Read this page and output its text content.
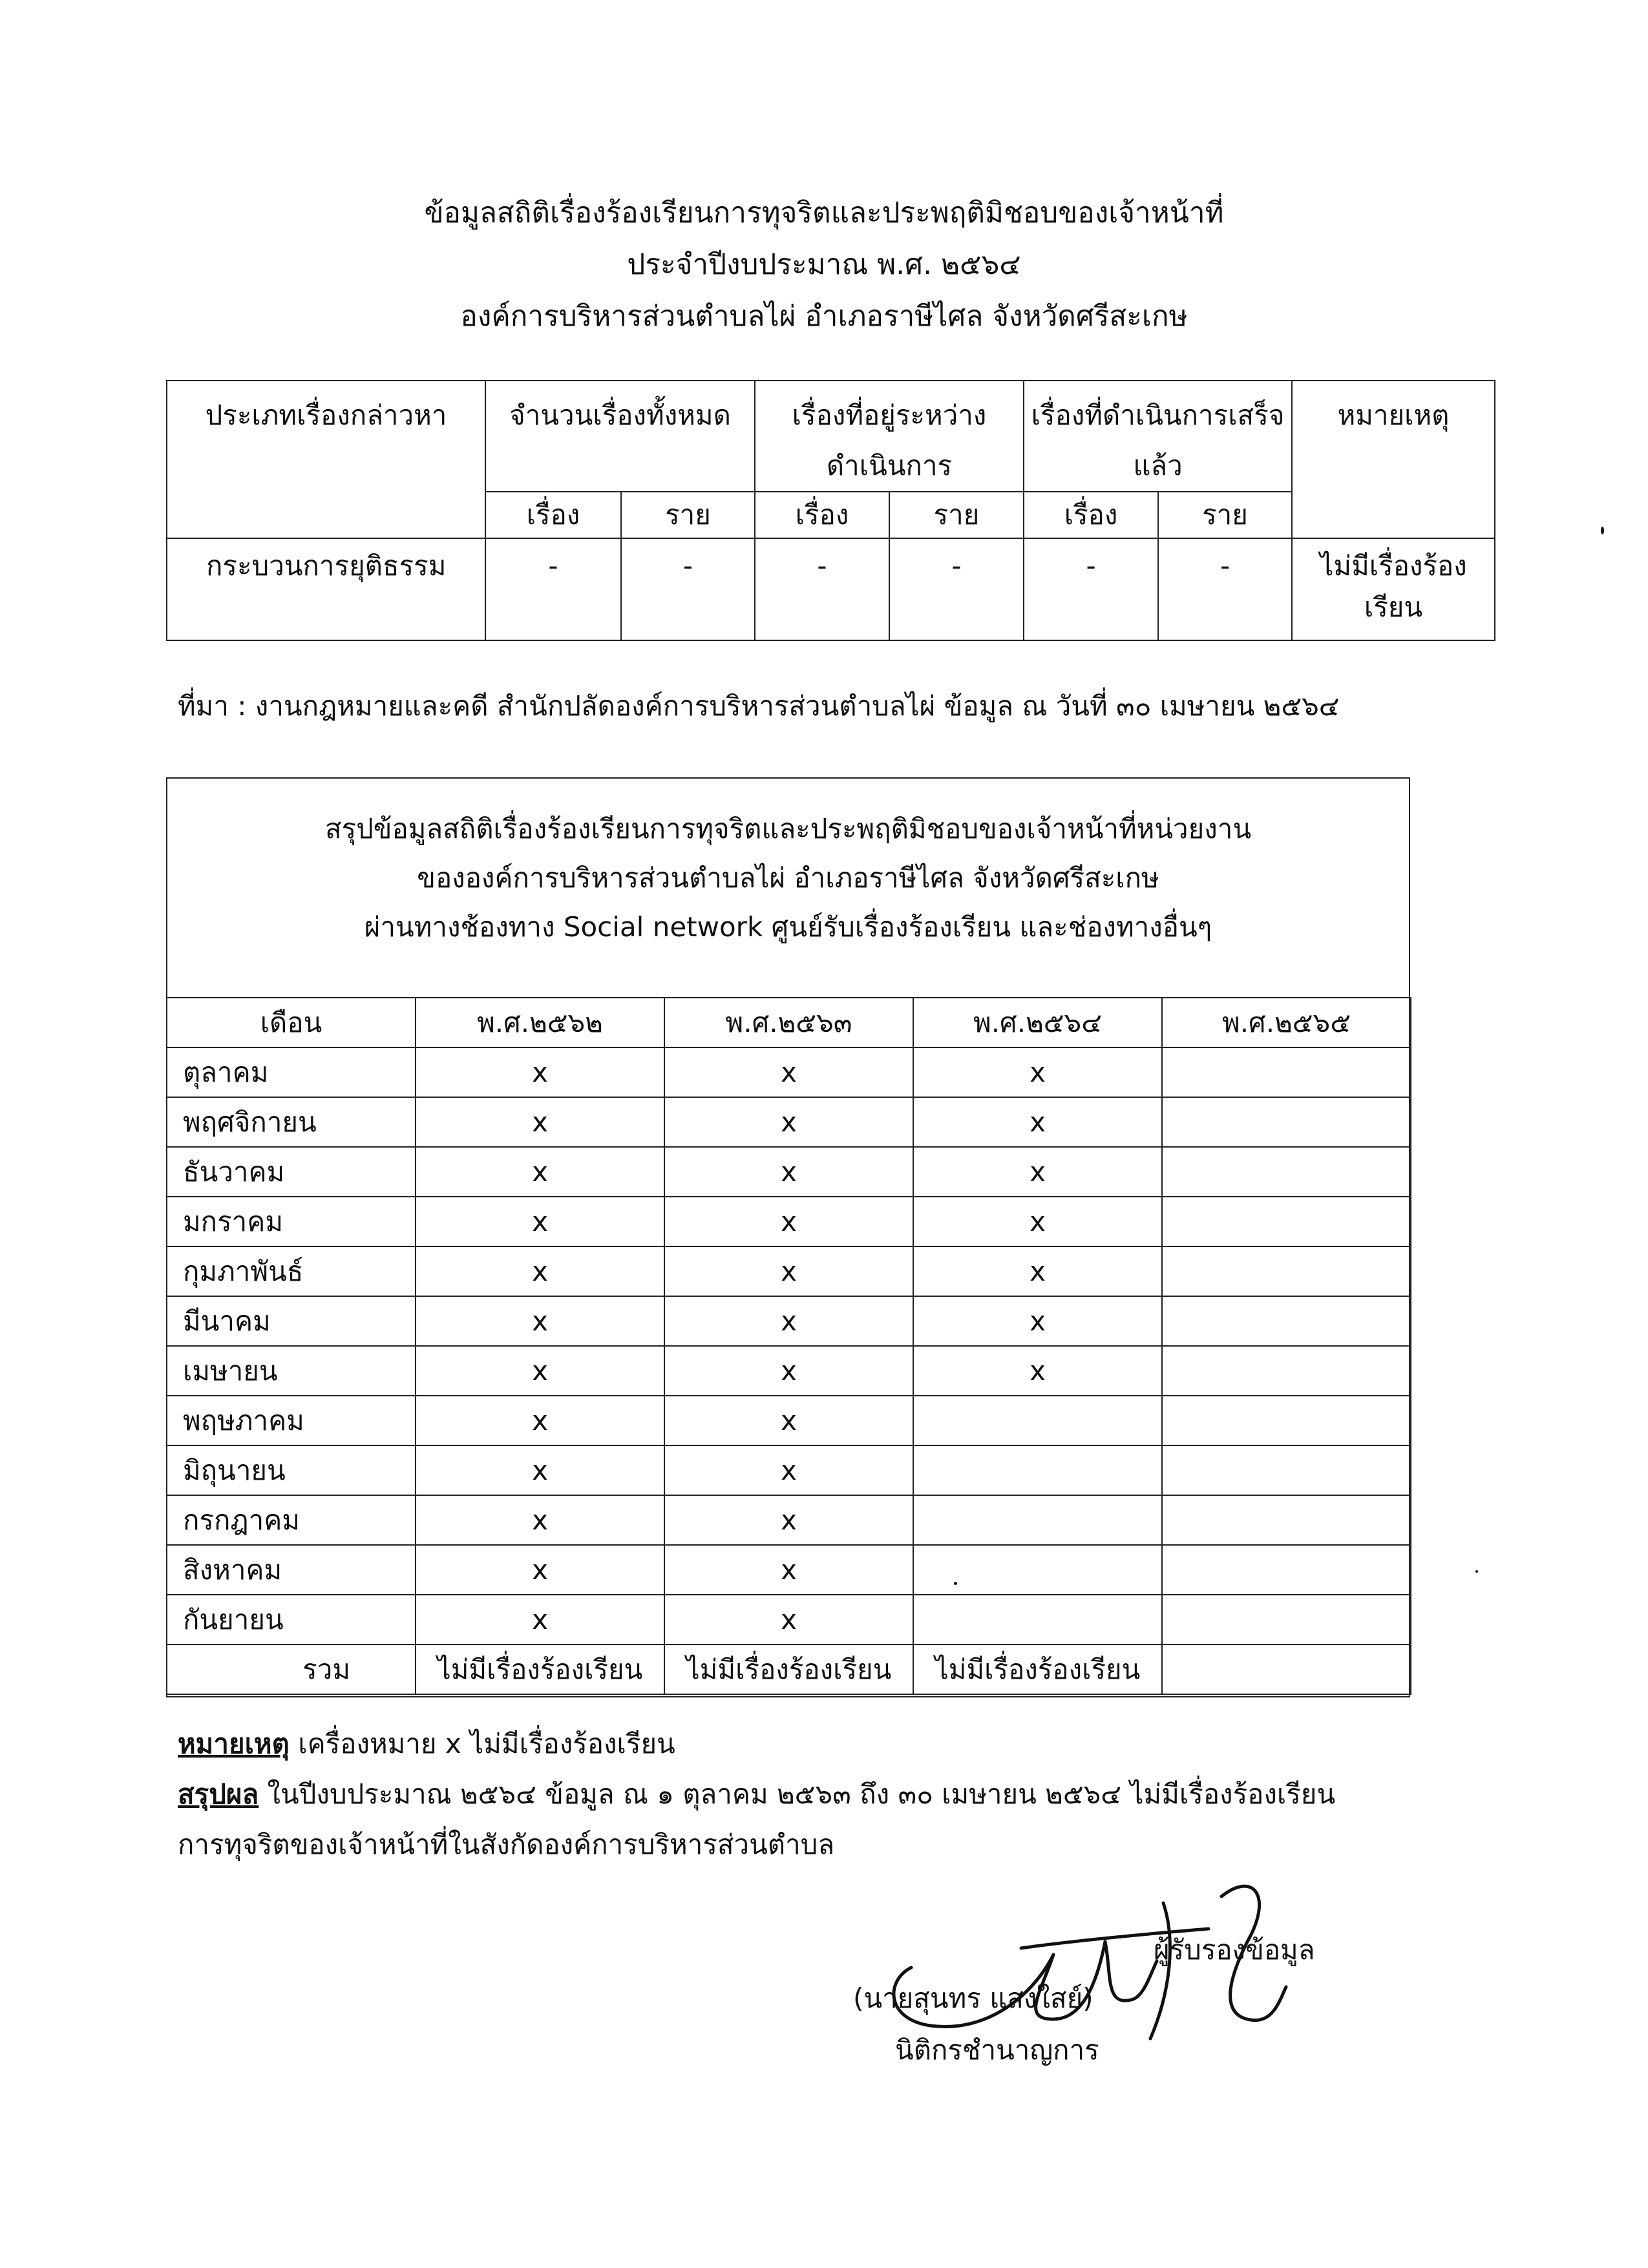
ข้อมูลสถิติเรื่องร้องเรียนการทุจริตและประพฤติมิชอบของเจ้าหน้าที่
ประจำปีงบประมาณ พ.ศ. ๒๕๖๔
องค์การบริหารส่วนตำบลไผ่ อำเภอราษีไศล จังหวัดศรีสะเกษ
ประเภทเรื่องกล่าวหา	จำนวนเรื่องทั้งหมด		เรื่องที่อยู่ระหว่างดำเนินการ		เรื่องที่ดำเนินการเสร็จแล้ว		หมายเหตุ
	เรื่อง	ราย	เรื่อง	ราย	เรื่อง	ราย	
กระบวนการยุติธรรม	-	-	-	-	-	-	ไม่มีเรื่องร้องเรียน
ที่มา : งานกฎหมายและคดี สำนักปลัดองค์การบริหารส่วนตำบลไผ่ ข้อมูล ณ วันที่ ๓๐ เมษายน ๒๕๖๔
สรุปข้อมูลสถิติเรื่องร้องเรียนการทุจริตและประพฤติมิชอบของเจ้าหน้าที่หน่วยงาน
ขององค์การบริหารส่วนตำบลไผ่ อำเภอราษีไศล จังหวัดศรีสะเกษ
ผ่านทางช้องทาง Social network ศูนย์รับเรื่องร้องเรียน และช่องทางอื่นๆ
เดือน	พ.ศ.๒๕๖๒	พ.ศ.๒๕๖๓	พ.ศ.๒๕๖๔	พ.ศ.๒๕๖๕
ตุลาคม	x	x	x	
พฤศจิกายน	x	x	x	
ธันวาคม	x	x	x	
มกราคม	x	x	x	
กุมภาพันธ์	x	x	x	
มีนาคม	x	x	x	
เมษายน	x	x	x	
พฤษภาคม	x	x		
มิถุนายน	x	x		
กรกฎาคม	x	x		
สิงหาคม	x	x		
กันยายน	x	x		
รวม	ไม่มีเรื่องร้องเรียน	ไม่มีเรื่องร้องเรียน	ไม่มีเรื่องร้องเรียน	
หมายเหตุ เครื่องหมาย x ไม่มีเรื่องร้องเรียน
สรุปผล ในปีงบประมาณ ๒๕๖๔ ข้อมูล ณ ๑ ตุลาคม ๒๕๖๓ ถึง ๓๐ เมษายน ๒๕๖๔ ไม่มีเรื่องร้องเรียน
การทุจริตของเจ้าหน้าที่ในสังกัดองค์การบริหารส่วนตำบล
ผู้รับรองข้อมูล
(นายสุนทร แสงใสย์)
นิติกรชำนาญการ
